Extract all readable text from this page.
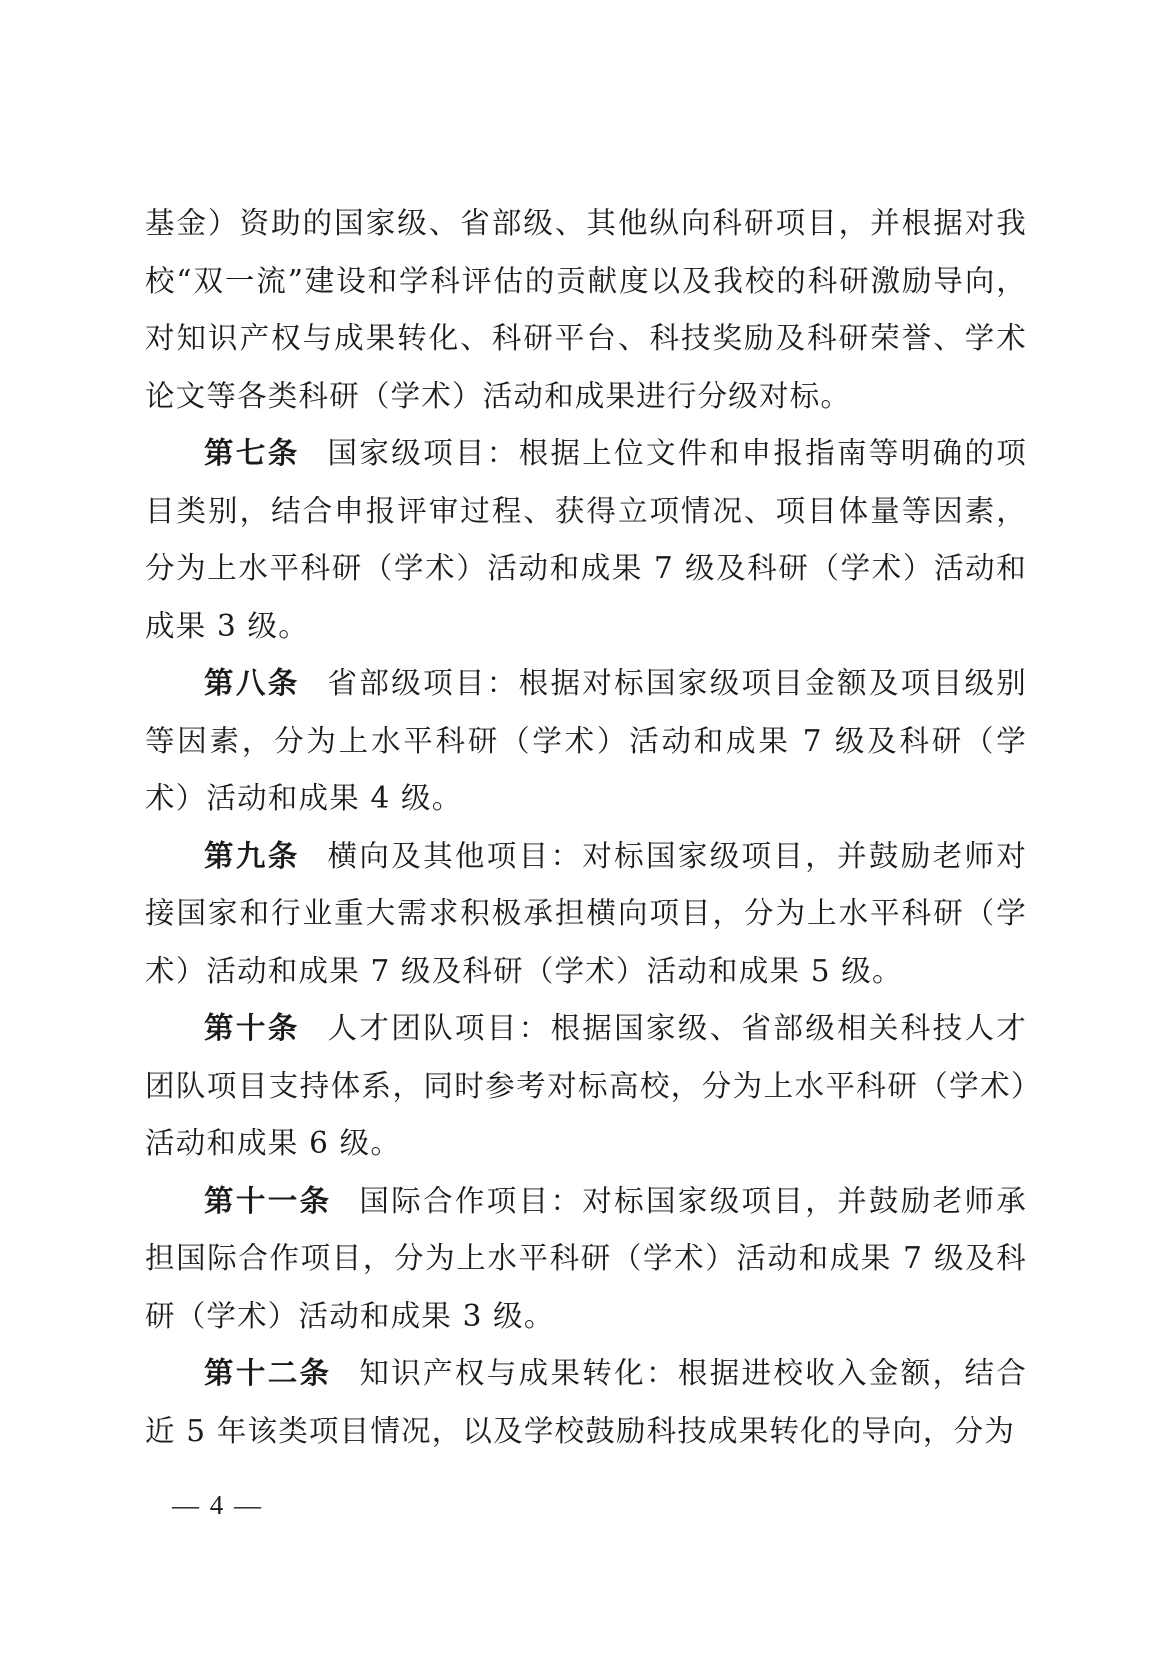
基金）资助的国家级、省部级、其他纵向科研项目，并根据对我校“双一流”建设和学科评估的贡献度以及我校的科研激励导向，对知识产权与成果转化、科研平台、科技奖励及科研荣誉、学术论文等各类科研（学术）活动和成果进行分级对标。

第七条 国家级项目：根据上位文件和申报指南等明确的项目类别，结合申报评审过程、获得立项情况、项目体量等因素，分为上水平科研（学术）活动和成果 7 级及科研（学术）活动和成果 3 级。

第八条 省部级项目：根据对标国家级项目金额及项目级别等因素，分为上水平科研（学术）活动和成果 7 级及科研（学术）活动和成果 4 级。

第九条 横向及其他项目：对标国家级项目，并鼓励老师对接国家和行业重大需求积极承担横向项目，分为上水平科研（学术）活动和成果 7 级及科研（学术）活动和成果 5 级。

第十条 人才团队项目：根据国家级、省部级相关科技人才团队项目支持体系，同时参考对标高校，分为上水平科研（学术）活动和成果 6 级。

第十一条 国际合作项目：对标国家级项目，并鼓励老师承担国际合作项目，分为上水平科研（学术）活动和成果 7 级及科研（学术）活动和成果 3 级。

第十二条 知识产权与成果转化：根据进校收入金额，结合近 5 年该类项目情况，以及学校鼓励科技成果转化的导向，分为

— 4 —
